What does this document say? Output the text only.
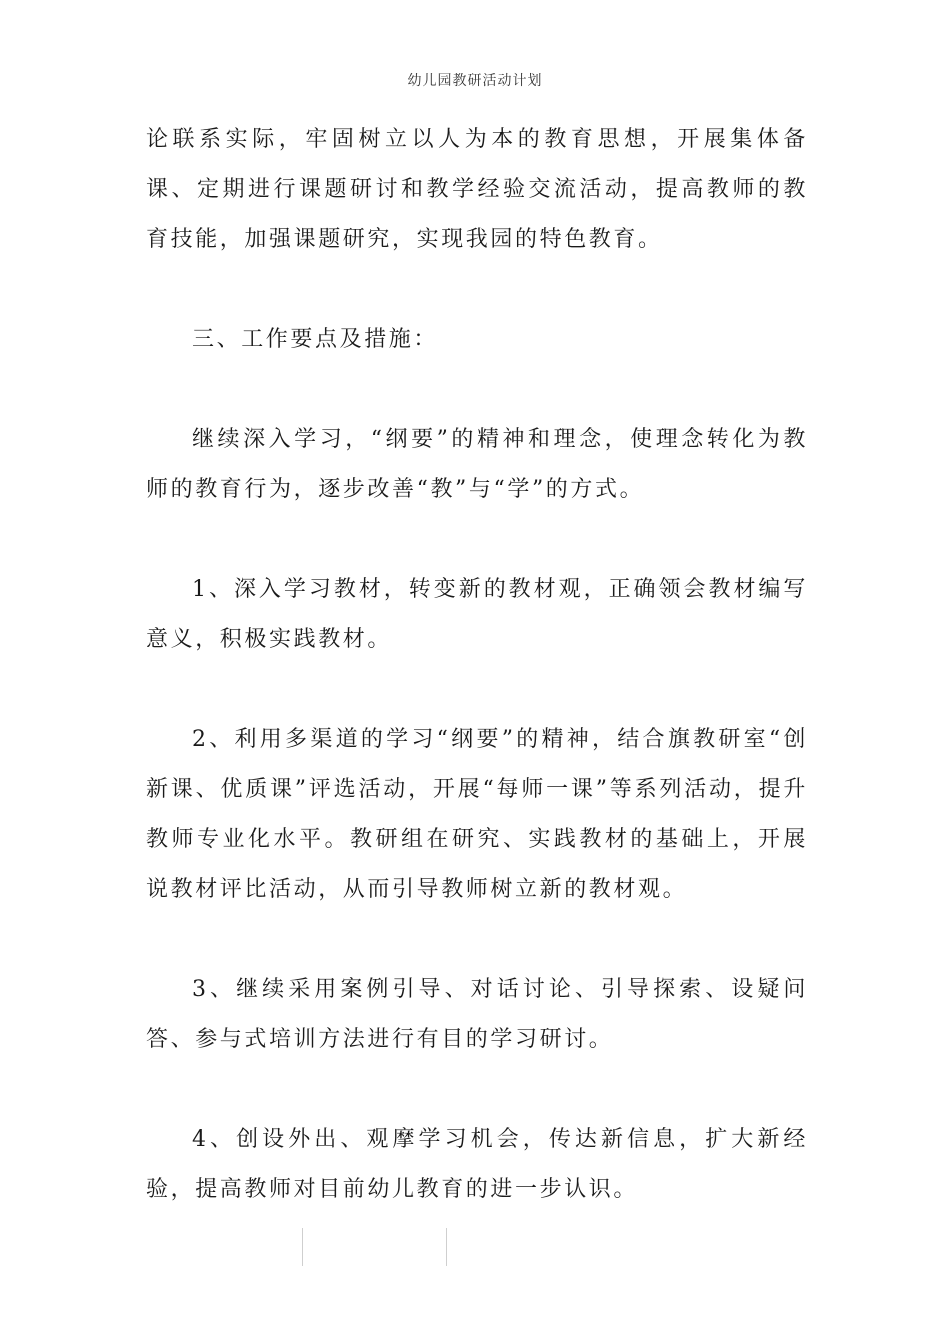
幼儿园教研活动计划

论联系实际，牢固树立以人为本的教育思想，开展集体备课、定期进行课题研讨和教学经验交流活动，提高教师的教育技能，加强课题研究，实现我园的特色教育。

三、工作要点及措施：

继续深入学习，“纲要”的精神和理念，使理念转化为教师的教育行为，逐步改善“教”与“学”的方式。

1、深入学习教材，转变新的教材观，正确领会教材编写意义，积极实践教材。

2、利用多渠道的学习“纲要”的精神，结合旗教研室“创新课、优质课”评选活动，开展“每师一课”等系列活动，提升教师专业化水平。教研组在研究、实践教材的基础上，开展说教材评比活动，从而引导教师树立新的教材观。

3、继续采用案例引导、对话讨论、引导探索、设疑问答、参与式培训方法进行有目的学习研讨。

4、创设外出、观摩学习机会，传达新信息，扩大新经验，提高教师对目前幼儿教育的进一步认识。
